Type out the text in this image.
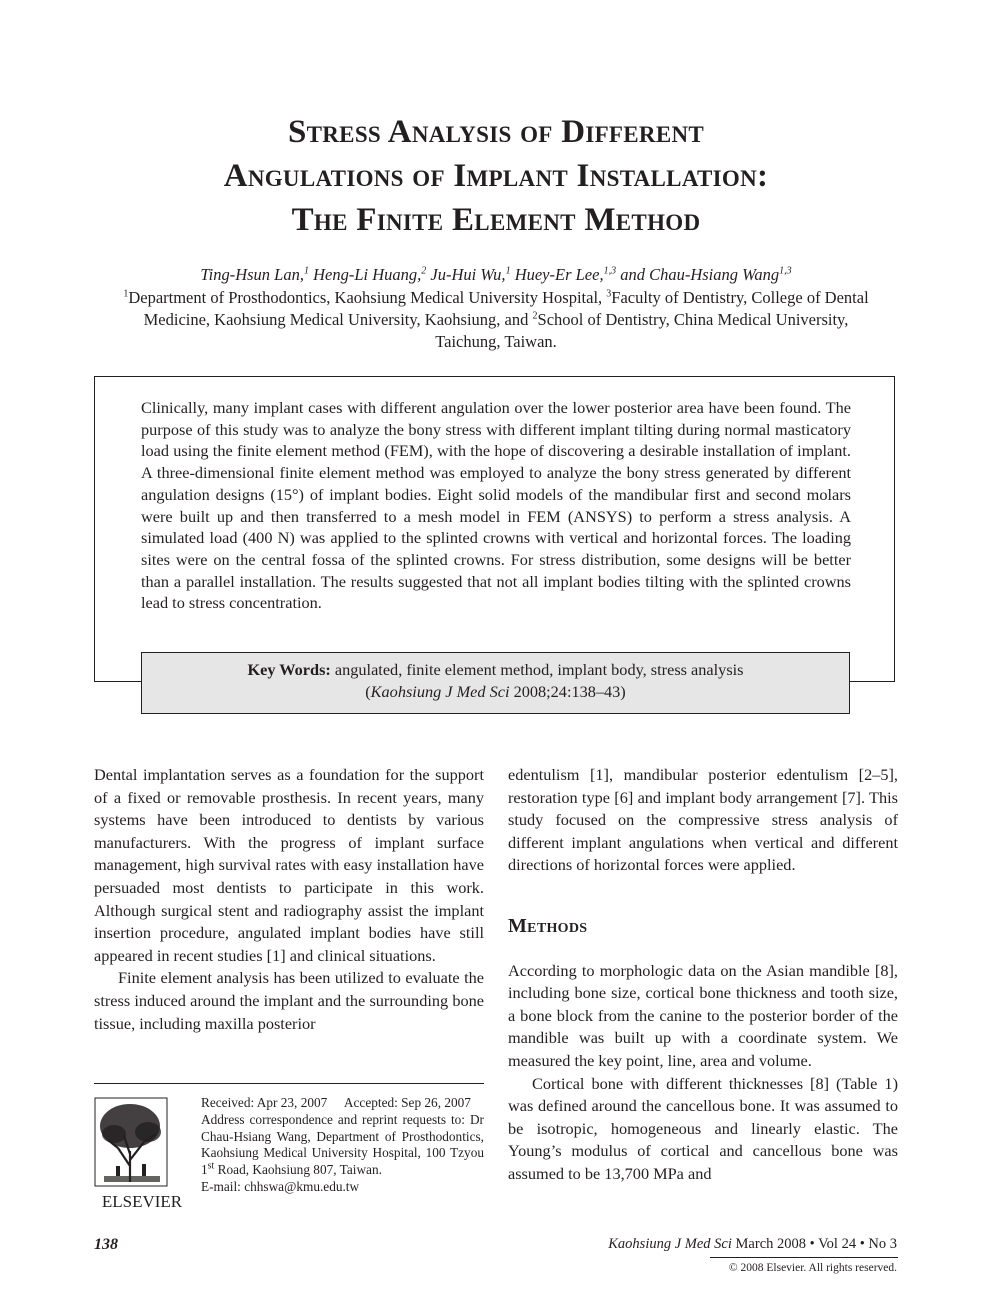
Stress Analysis of Different
Angulations of Implant Installation:
The Finite Element Method
Ting-Hsun Lan,$^1$ Heng-Li Huang,$^2$ Ju-Hui Wu,$^1$ Huey-Er Lee,$^{1,3}$ and Chau-Hsiang Wang$^{1,3}$
$^1$Department of Prosthodontics, Kaohsiung Medical University Hospital, $^3$Faculty of Dentistry, College of Dental Medicine, Kaohsiung Medical University, Kaohsiung, and $^2$School of Dentistry, China Medical University, Taichung, Taiwan.
Clinically, many implant cases with different angulation over the lower posterior area have been found. The purpose of this study was to analyze the bony stress with different implant tilting during normal masticatory load using the finite element method (FEM), with the hope of discovering a desirable installation of implant. A three-dimensional finite element method was employed to analyze the bony stress generated by different angulation designs (15°) of implant bodies. Eight solid models of the mandibular first and second molars were built up and then transferred to a mesh model in FEM (ANSYS) to perform a stress analysis. A simulated load (400 N) was applied to the splinted crowns with vertical and horizontal forces. The loading sites were on the central fossa of the splinted crowns. For stress distribution, some designs will be better than a parallel installation. The results suggested that not all implant bodies tilting with the splinted crowns lead to stress concentration.
Key Words: angulated, finite element method, implant body, stress analysis
(Kaohsiung J Med Sci 2008;24:138–43)

Dental implantation serves as a foundation for the support of a fixed or removable prosthesis. In recent years, many systems have been introduced to dentists by various manufacturers. With the progress of implant surface management, high survival rates with easy installation have persuaded most dentists to participate in this work. Although surgical stent and radiography assist the implant insertion procedure, angulated implant bodies have still appeared in recent studies [1] and clinical situations.

Finite element analysis has been utilized to evaluate the stress induced around the implant and the surrounding bone tissue, including maxilla posterior

edentulism [1], mandibular posterior edentulism [2–5], restoration type [6] and implant body arrangement [7]. This study focused on the compressive stress analysis of different implant angulations when vertical and different directions of horizontal forces were applied.

Methods

According to morphologic data on the Asian mandible [8], including bone size, cortical bone thickness and tooth size, a bone block from the canine to the posterior border of the mandible was built up with a coordinate system. We measured the key point, line, area and volume.

Cortical bone with different thicknesses [8] (Table 1) was defined around the cancellous bone. It was assumed to be isotropic, homogeneous and linearly elastic. The Young’s modulus of cortical and cancellous bone was assumed to be 13,700 MPa and

ELSEVIER

Received: Apr 23, 2007 Accepted: Sep 26, 2007

Address correspondence and reprint requests to: Dr Chau-Hsiang Wang, Department of Prosthodontics, Kaohsiung Medical University Hospital, 100 Tzyou 1st Road, Kaohsiung 807, Taiwan.

E-mail: chhswa@kmu.edu.tw

138	Kaohsiung J Med Sci March 2008 • Vol 24 • No 3
© 2008 Elsevier. All rights reserved.
